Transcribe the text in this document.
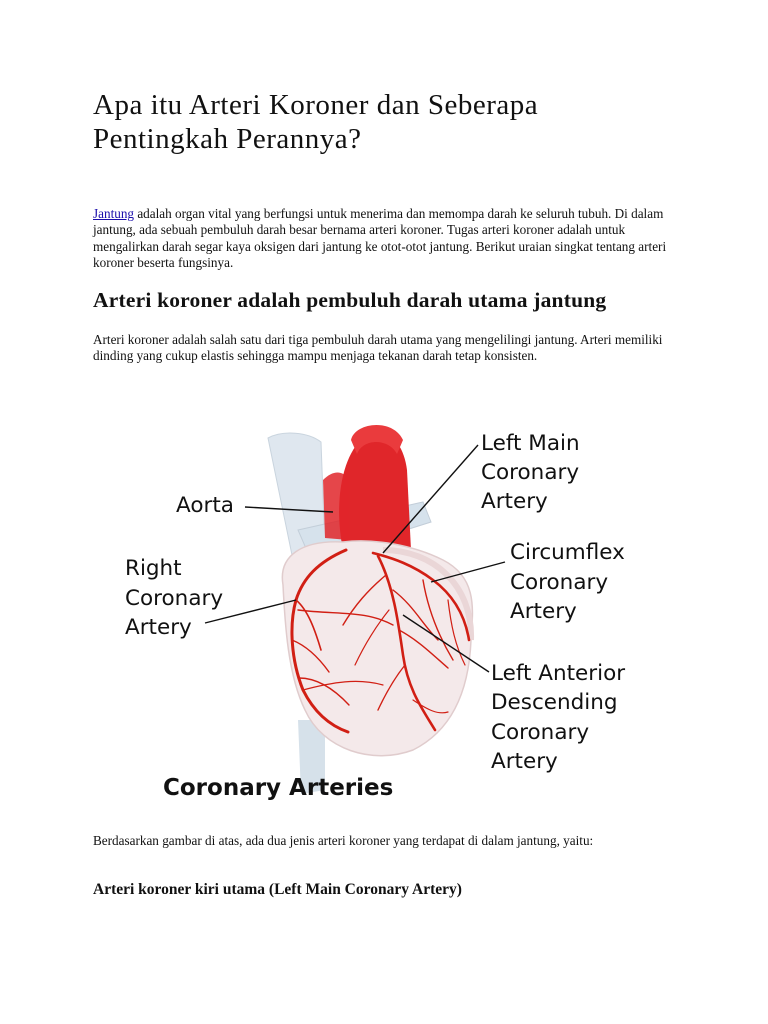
Apa itu Arteri Koroner dan Seberapa
Pentingkah Perannya?

Jantung adalah organ vital yang berfungsi untuk menerima dan memompa darah ke seluruh tubuh. Di dalam jantung, ada sebuah pembuluh darah besar bernama arteri koroner. Tugas arteri koroner adalah untuk mengalirkan darah segar kaya oksigen dari jantung ke otot-otot jantung. Berikut uraian singkat tentang arteri koroner beserta fungsinya.

Arteri koroner adalah pembuluh darah utama jantung

Arteri koroner adalah salah satu dari tiga pembuluh darah utama yang mengelilingi jantung. Arteri memiliki dinding yang cukup elastis sehingga mampu menjaga tekanan darah tetap konsisten.

Aorta
Right
Coronary
Artery
Left Main
Coronary
Artery
Circumflex
Coronary
Artery
Left Anterior
Descending
Coronary
Artery
Coronary Arteries

Berdasarkan gambar di atas, ada dua jenis arteri koroner yang terdapat di dalam jantung, yaitu:

Arteri koroner kiri utama (Left Main Coronary Artery)
